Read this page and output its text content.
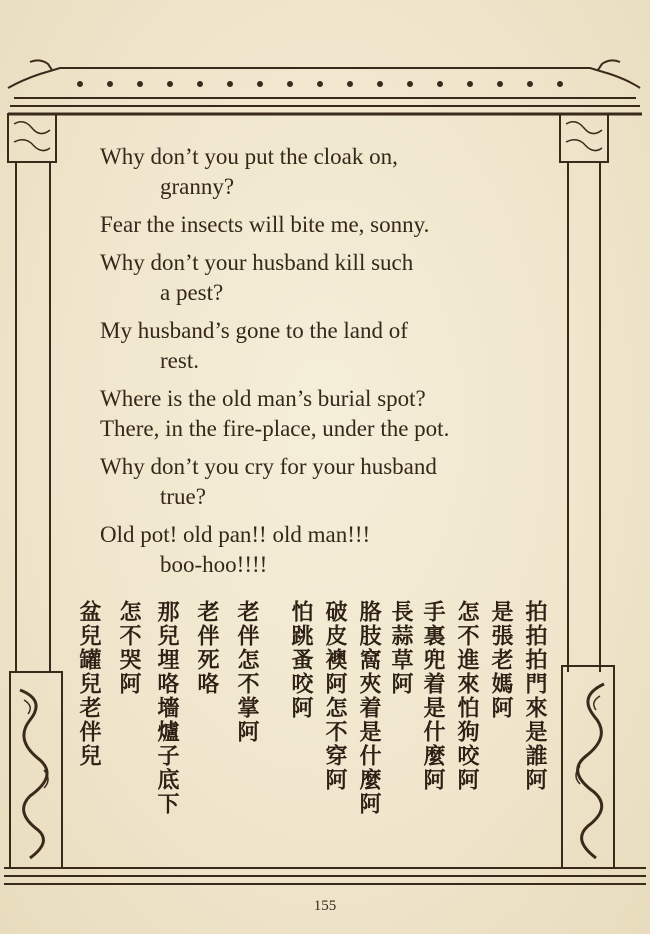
Why don’t you put the cloak on,
granny?
Fear the insects will bite me, sonny.
Why don’t your husband kill such
a pest?
My husband’s gone to the land of
rest.
Where is the old man’s burial spot?
There, in the fire-place, under the pot.
Why don’t you cry for your husband
true?
Old pot! old pan!! old man!!!
boo-hoo!!!!
拍拍拍門來是誰阿
是張老媽阿
怎不進來怕狗咬阿
手裏兜着是什麼阿
長蒜草阿
胳肢窩夾着是什麼阿
破皮襖阿怎不穿阿
怕跳蚤咬阿
老伴怎不掌阿
老伴死咯
那兒埋咯墻爐子底下
怎不哭阿
盆兒罐兒老伴兒
155
